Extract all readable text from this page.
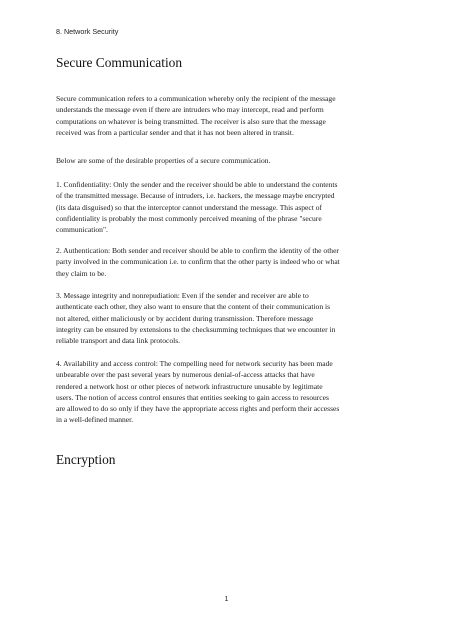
8. Network Security
Secure Communication

Secure communication refers to a communication whereby only the recipient of the message
understands the message even if there are intruders who may intercept, read and perform
computations on whatever is being transmitted. The receiver is also sure that the message
received was from a particular sender and that it has not been altered in transit.

Below are some of the desirable properties of a secure communication.

1. Confidentiality: Only the sender and the receiver should be able to understand the contents
of the transmitted message. Because of intruders, i.e. hackers, the message maybe encrypted
(its data disguised) so that the interceptor cannot understand the message. This aspect of
confidentiality is probably the most commonly perceived meaning of the phrase "secure
communication".

2. Authentication: Both sender and receiver should be able to confirm the identity of the other
party involved in the communication i.e. to confirm that the other party is indeed who or what
they claim to be.

3. Message integrity and nonrepudiation: Even if the sender and receiver are able to
authenticate each other, they also want to ensure that the content of their communication is
not altered, either maliciously or by accident during transmission. Therefore message
integrity can be ensured by extensions to the checksumming techniques that we encounter in
reliable transport and data link protocols.

4. Availability and access control: The compelling need for network security has been made
unbearable over the past several years by numerous denial-of-access attacks that have
rendered a network host or other pieces of network infrastructure unusable by legitimate
users. The notion of access control ensures that entities seeking to gain access to resources
are allowed to do so only if they have the appropriate access rights and perform their accesses
in a well-defined manner.

Encryption
1
